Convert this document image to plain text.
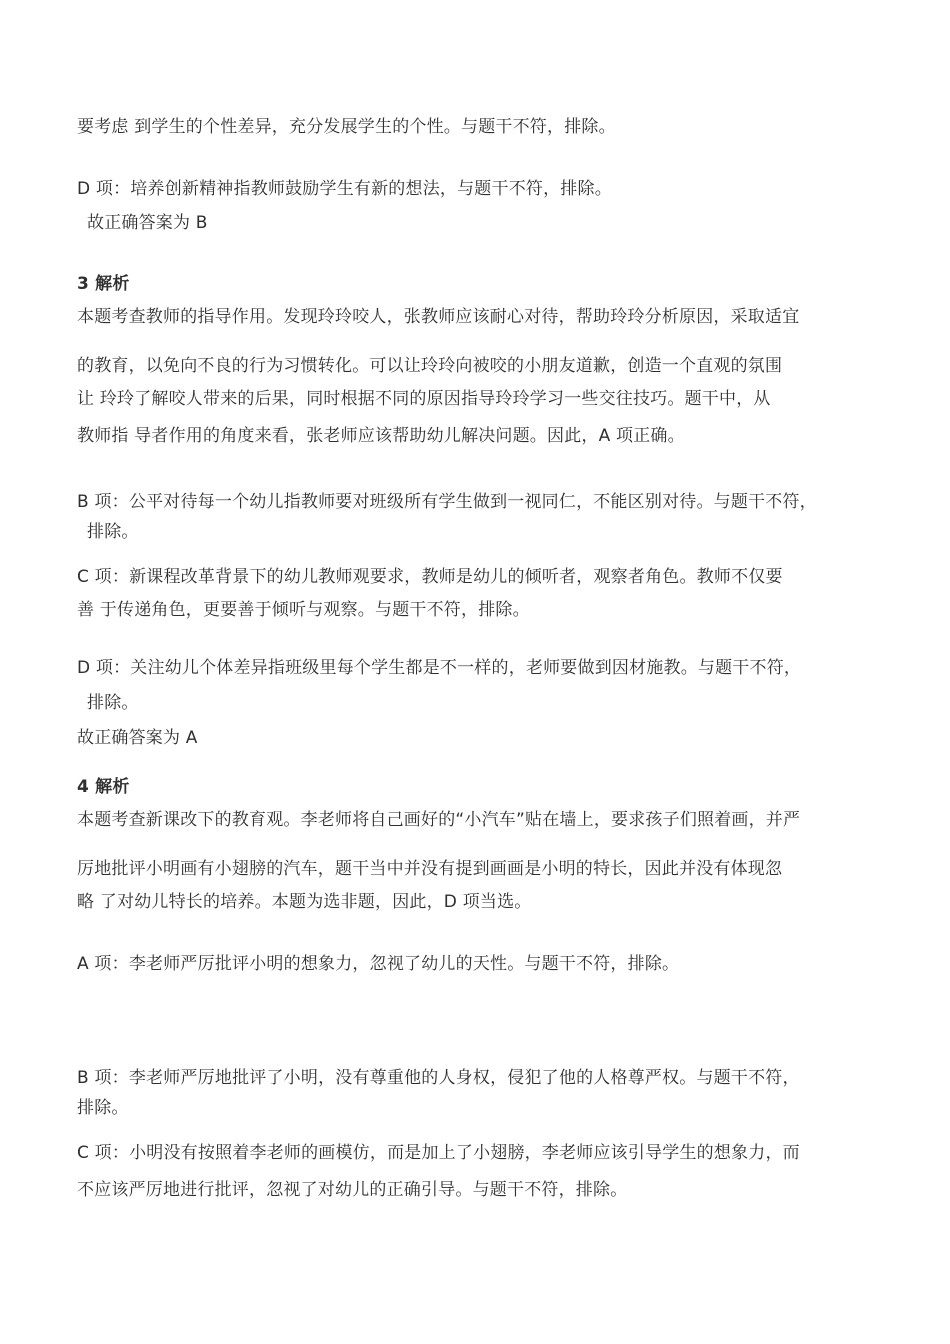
要考虑 到学生的个性差异，充分发展学生的个性。与题干不符，排除。
D 项：培养创新精神指教师鼓励学生有新的想法，与题干不符，排除。
故正确答案为 B
3 解析
本题考查教师的指导作用。发现玲玲咬人，张教师应该耐心对待，帮助玲玲分析原因，采取适宜
的教育，以免向不良的行为习惯转化。可以让玲玲向被咬的小朋友道歉，创造一个直观的氛围
让 玲玲了解咬人带来的后果，同时根据不同的原因指导玲玲学习一些交往技巧。题干中，从
教师指 导者作用的角度来看，张老师应该帮助幼儿解决问题。因此，A 项正确。
B 项：公平对待每一个幼儿指教师要对班级所有学生做到一视同仁，不能区别对待。与题干不符，
排除。
C 项：新课程改革背景下的幼儿教师观要求，教师是幼儿的倾听者，观察者角色。教师不仅要
善 于传递角色，更要善于倾听与观察。与题干不符，排除。
D 项：关注幼儿个体差异指班级里每个学生都是不一样的，老师要做到因材施教。与题干不符，
排除。
故正确答案为 A
4 解析
本题考查新课改下的教育观。李老师将自己画好的“小汽车”贴在墙上，要求孩子们照着画，并严
厉地批评小明画有小翅膀的汽车，题干当中并没有提到画画是小明的特长，因此并没有体现忽
略 了对幼儿特长的培养。本题为选非题，因此，D 项当选。
A 项：李老师严厉批评小明的想象力，忽视了幼儿的天性。与题干不符，排除。
B 项：李老师严厉地批评了小明，没有尊重他的人身权，侵犯了他的人格尊严权。与题干不符，
排除。
C 项：小明没有按照着李老师的画模仿，而是加上了小翅膀，李老师应该引导学生的想象力，而
不应该严厉地进行批评，忽视了对幼儿的正确引导。与题干不符，排除。
